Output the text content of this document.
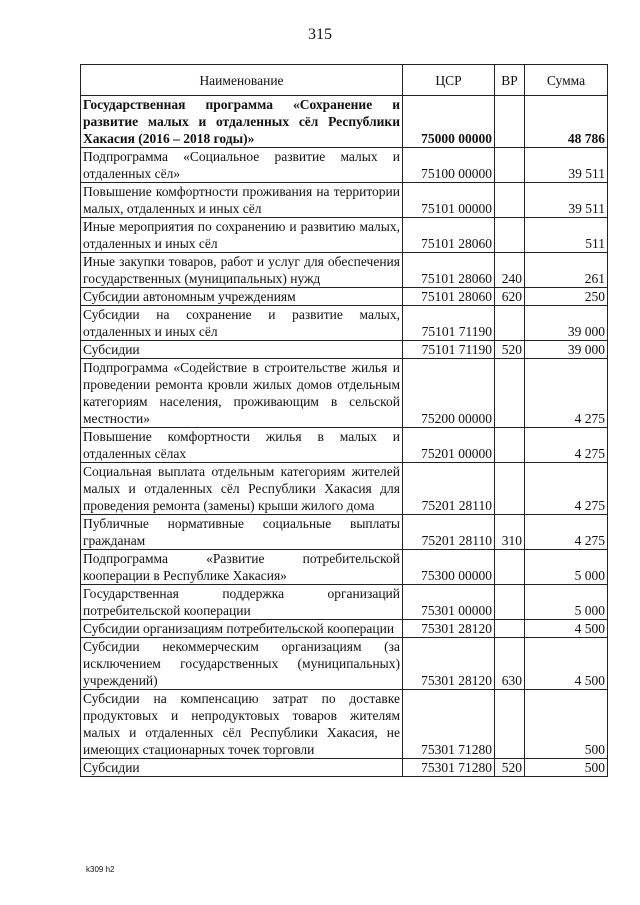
315
Наименование	ЦСР	ВР	Сумма
Государственная программа «Сохранение и развитие малых и отдаленных сёл Республики Хакасия (2016 – 2018 годы)»	75000 00000		48 786
Подпрограмма «Социальное развитие малых и отдаленных сёл»	75100 00000		39 511
Повышение комфортности проживания на территории малых, отдаленных и иных сёл	75101 00000		39 511
Иные мероприятия по сохранению и развитию малых, отдаленных и иных сёл	75101 28060		511
Иные закупки товаров, работ и услуг для обеспечения государственных (муниципальных) нужд	75101 28060	240	261
Субсидии автономным учреждениям	75101 28060	620	250
Субсидии на сохранение и развитие малых, отдаленных и иных сёл	75101 71190		39 000
Субсидии	75101 71190	520	39 000
Подпрограмма «Содействие в строительстве жилья и проведении ремонта кровли жилых домов отдельным категориям населения, проживающим в сельской местности»	75200 00000		4 275
Повышение комфортности жилья в малых и отдаленных сёлах	75201 00000		4 275
Социальная выплата отдельным категориям жителей малых и отдаленных сёл Республики Хакасия для проведения ремонта (замены) крыши жилого дома	75201 28110		4 275
Публичные нормативные социальные выплаты гражданам	75201 28110	310	4 275
Подпрограмма «Развитие потребительской кооперации в Республике Хакасия»	75300 00000		5 000
Государственная поддержка организаций потребительской кооперации	75301 00000		5 000
Субсидии организациям потребительской кооперации	75301 28120		4 500
Субсидии некоммерческим организациям (за исключением государственных (муниципальных) учреждений)	75301 28120	630	4 500
Субсидии на компенсацию затрат по доставке продуктовых и непродуктовых товаров жителям малых и отдаленных сёл Республики Хакасия, не имеющих стационарных точек торговли	75301 71280		500
Субсидии	75301 71280	520	500
k309 h2
